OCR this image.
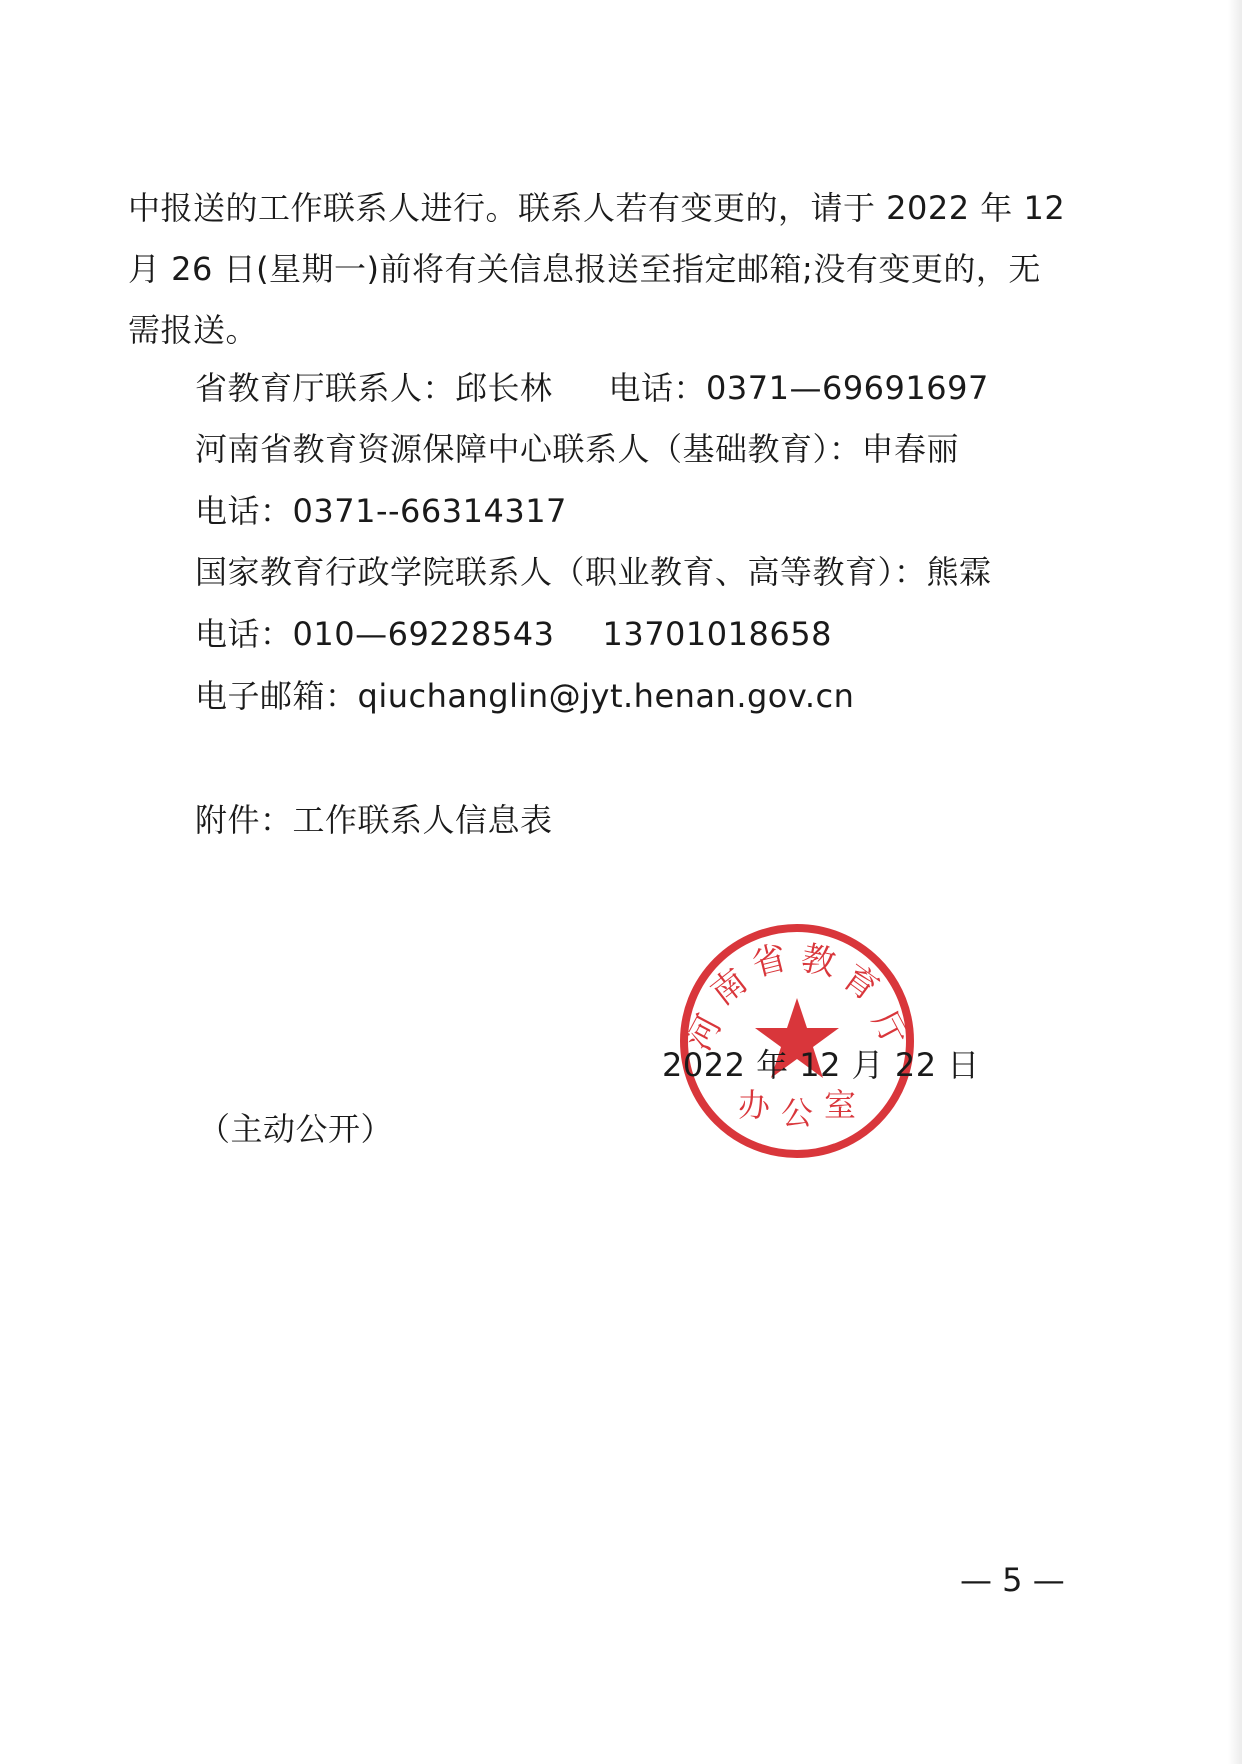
中报送的工作联系人进行。联系人若有变更的，请于 2022 年 12
月 26 日(星期一)前将有关信息报送至指定邮箱;没有变更的，无
需报送。
省教育厅联系人：邱长林 电话：0371—69691697
河南省教育资源保障中心联系人（基础教育）：申春丽
电话：0371--66314317
国家教育行政学院联系人（职业教育、高等教育）：熊霖
电话：010—69228543 13701018658
电子邮箱：qiuchanglin@jyt.henan.gov.cn
附件：工作联系人信息表
河
南
省 教
育
厅
办 公 室
2022 年 12 月 22 日
（主动公开）
— 5 —
